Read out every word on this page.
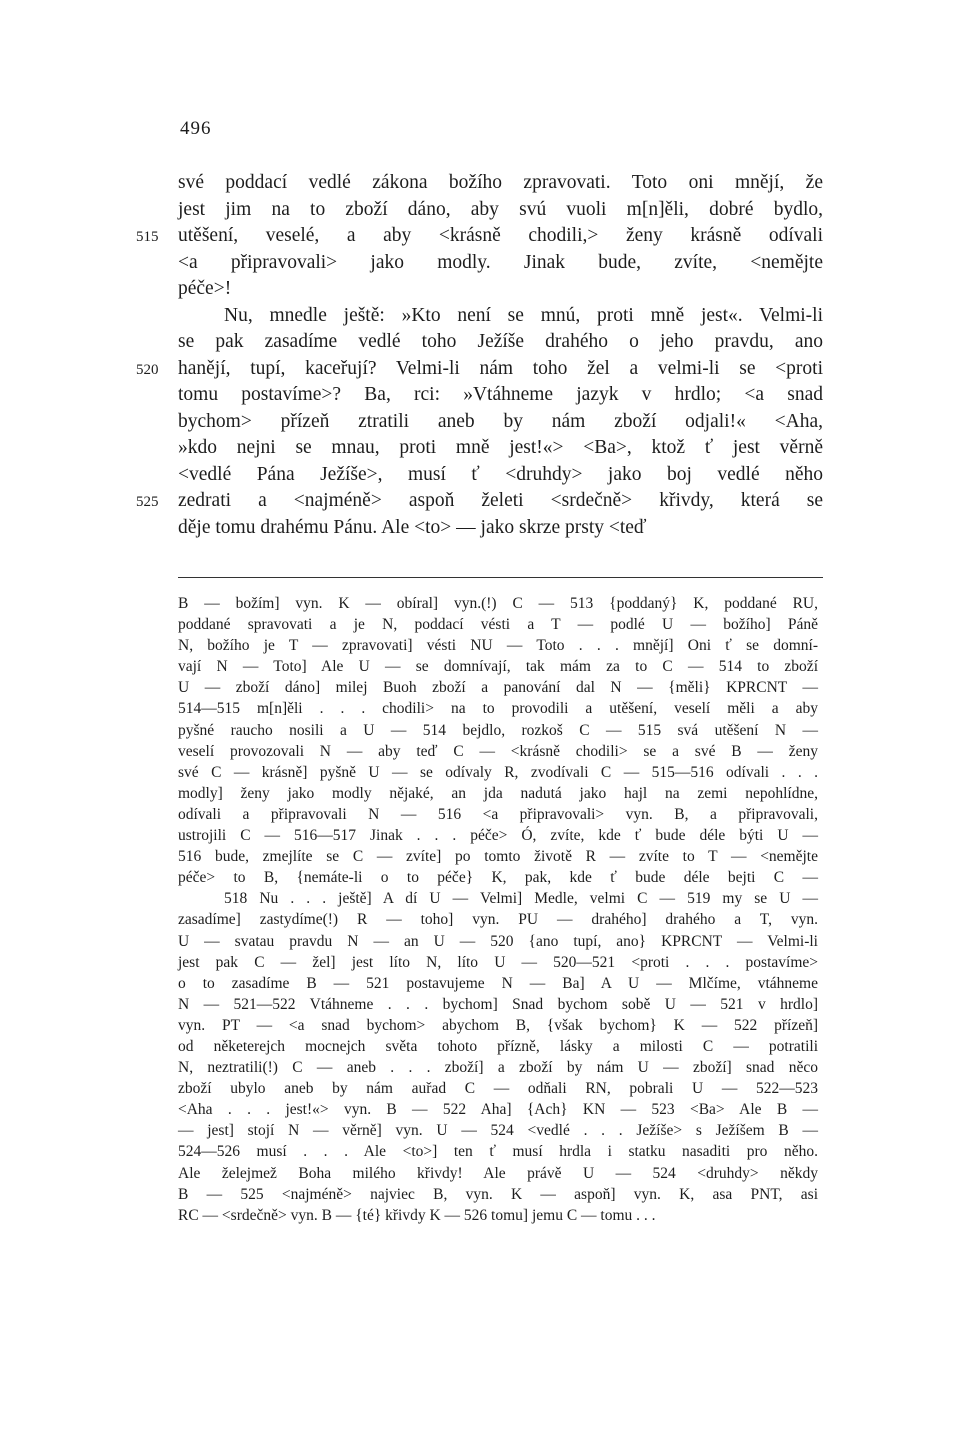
496
své poddací vedlé zákona božího zpravovati. Toto oni mnějí, že
jest jim na to zboží dáno, aby svú vuoli m[n]ěli, dobré bydlo,
515 utěšení, veselé, a aby <krásně chodili,> ženy krásně odívali
<a připravovali> jako modly. Jinak bude, zvíte, <nemějte
péče>!
Nu, mnedle ještě: »Kto není se mnú, proti mně jest«. Velmi-li
se pak zasadíme vedlé toho Ježíše drahého o jeho pravdu, ano
520 hanějí, tupí, kaceřují? Velmi-li nám toho žel a velmi-li se <proti
tomu postavíme>? Ba, rci: »Vtáhneme jazyk v hrdlo; <a snad
bychom> přízeň ztratili aneb by nám zboží odjali!« <Aha,
»kdo nejni se mnau, proti mně jest!«> <Ba>, ktož ť jest věrně
<vedlé Pána Ježíše>, musí ť <druhdy> jako boj vedlé něho
525 zedrati a <najméně> aspoň želeti <srdečně> křivdy, která se
děje tomu drahému Pánu. Ale <to> — jako skrze prsty <teď
B — božím] vyn. K — obíral] vyn.(!) C — 513 {poddaný} K, poddané RU,
poddané spravovati a je N, poddací vésti a T — podlé U — božího] Páně
N, božího je T — zpravovati] vésti NU — Toto . . . mnějí] Oni ť se domní-
vají N — Toto] Ale U — se domnívají, tak mám za to C — 514 to zboží
U — zboží dáno] milej Buoh zboží a panování dal N — {měli} KPRCNT —
514—515 m[n]ěli . . . chodili> na to provodili a utěšení, veselí měli a aby
pyšné raucho nosili a U — 514 bejdlo, rozkoš C — 515 svá utěšení N —
veselí provozovali N — aby teď C — <krásně chodili> se a své B — ženy
své C — krásně] pyšně U — se odívaly R, zvodívali C — 515—516 odívali . . .
modly] ženy jako modly nějaké, an jda nadutá jako hajl na zemi nepohlídne,
odívali a připravovali N — 516 <a připravovali> vyn. B, a připravovali,
ustrojili C — 516—517 Jinak . . . péče> Ó, zvíte, kde ť bude déle býti U —
516 bude, zmejlíte se C — zvíte] po tomto životě R — zvíte to T — <nemějte
péče> to B, {nemáte-li o to péče} K, pak, kde ť bude déle bejti C —
518 Nu . . . ještě] A dí U — Velmi] Medle, velmi C — 519 my se U —
zasadíme] zastydíme(!) R — toho] vyn. PU — drahého] drahého a T, vyn.
U — svatau pravdu N — an U — 520 {ano tupí, ano} KPRCNT — Velmi-li
jest pak C — žel] jest líto N, líto U — 520—521 <proti . . . postavíme>
o to zasadíme B — 521 postavujeme N — Ba] A U — Mlčíme, vtáhneme
N — 521—522 Vtáhneme . . . bychom] Snad bychom sobě U — 521 v hrdlo]
vyn. PT — <a snad bychom> abychom B, {však bychom} K — 522 přízeň]
od něketerejch mocnejch světa tohoto přízně, lásky a milosti C — potratili
N, neztratili(!) C — aneb . . . zboží] a zboží by nám U — zboží] snad něco
zboží ubylo aneb by nám auřad C — odňali RN, pobrali U — 522—523
<Aha . . . jest!«> vyn. B — 522 Aha] {Ach} KN — 523 <Ba> Ale B —
— jest] stojí N — věrně] vyn. U — 524 <vedlé . . . Ježíše> s Ježíšem B —
524—526 musí . . . Ale <to>] ten ť musí hrdla i statku nasaditi pro něho.
Ale želejmež Boha milého křivdy! Ale právě U — 524 <druhdy> někdy
B — 525 <najméně> najviec B, vyn. K — aspoň] vyn. K, asa PNT, asi
RC — <srdečně> vyn. B — {té} křivdy K — 526 tomu] jemu C — tomu . . .
